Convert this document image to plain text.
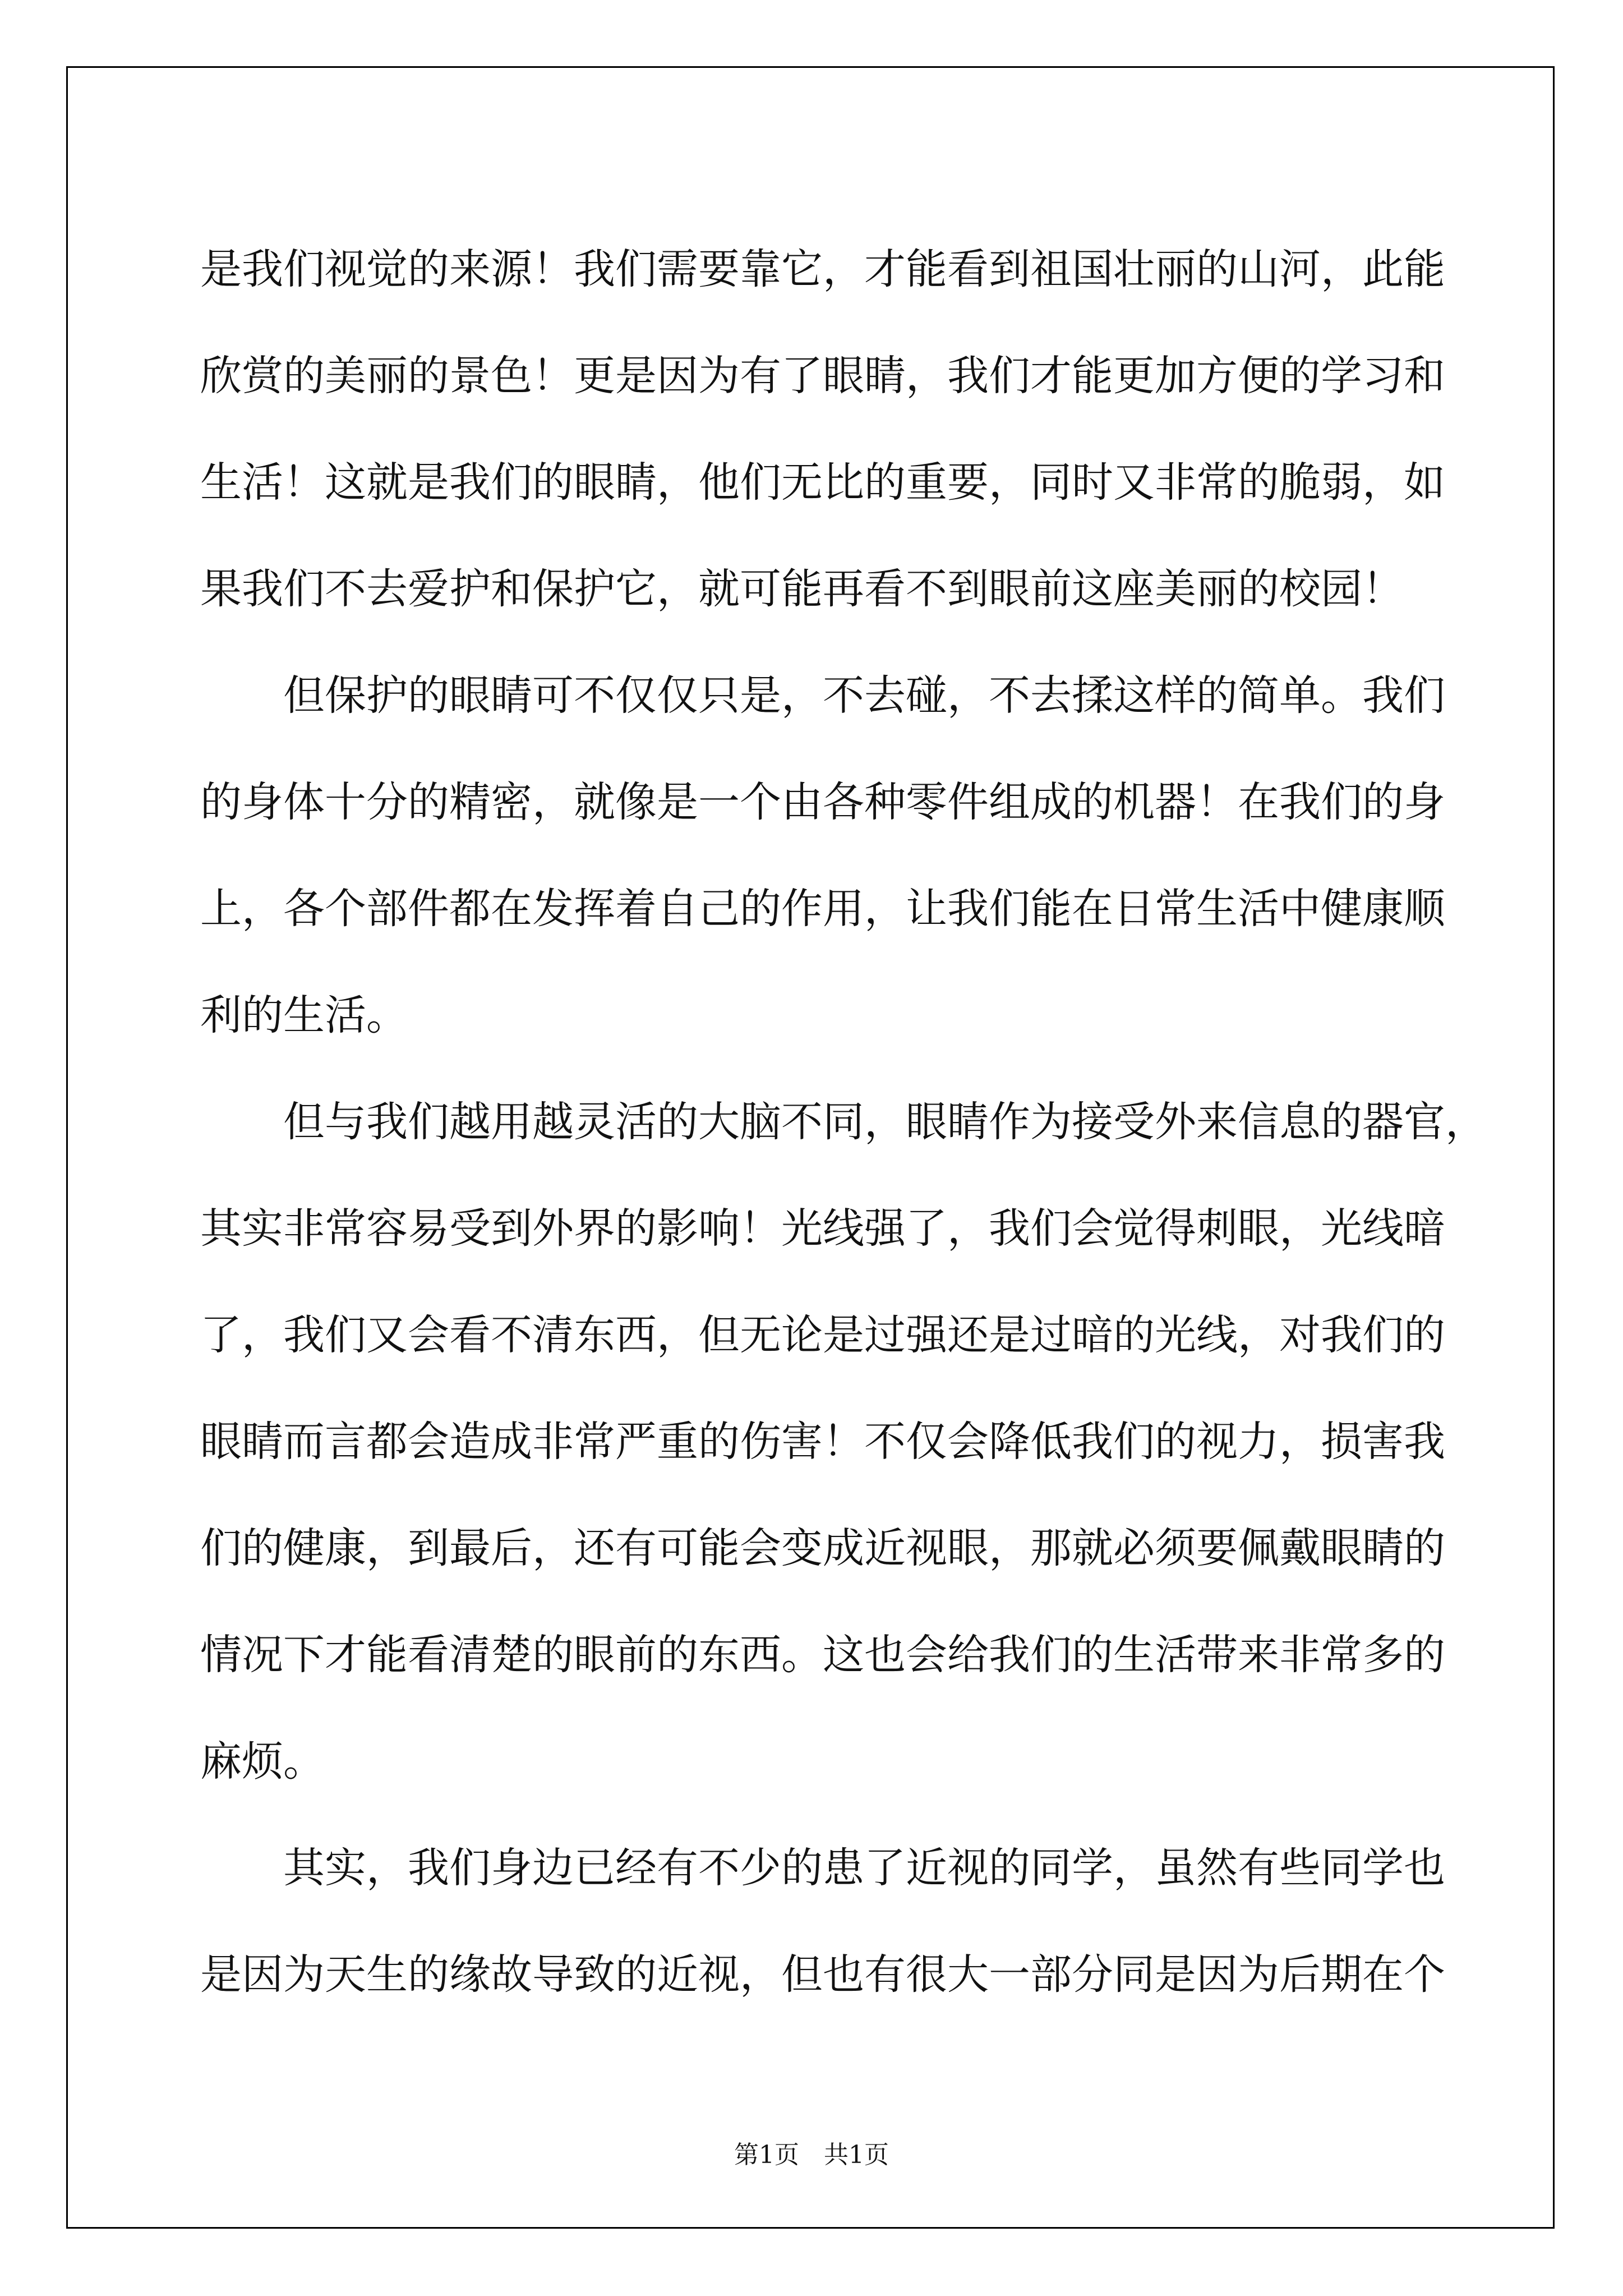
是我们视觉的来源！我们需要靠它，才能看到祖国壮丽的山河，此能
欣赏的美丽的景色！更是因为有了眼睛，我们才能更加方便的学习和
生活！这就是我们的眼睛，他们无比的重要，同时又非常的脆弱，如
果我们不去爱护和保护它，就可能再看不到眼前这座美丽的校园！
但保护的眼睛可不仅仅只是，不去碰，不去揉这样的简单。我们
的身体十分的精密，就像是一个由各种零件组成的机器！在我们的身
上，各个部件都在发挥着自己的作用，让我们能在日常生活中健康顺
利的生活。
但与我们越用越灵活的大脑不同，眼睛作为接受外来信息的器官，
其实非常容易受到外界的影响！光线强了，我们会觉得刺眼，光线暗
了，我们又会看不清东西，但无论是过强还是过暗的光线，对我们的
眼睛而言都会造成非常严重的伤害！不仅会降低我们的视力，损害我
们的健康，到最后，还有可能会变成近视眼，那就必须要佩戴眼睛的
情况下才能看清楚的眼前的东西。这也会给我们的生活带来非常多的
麻烦。
其实，我们身边已经有不少的患了近视的同学，虽然有些同学也
是因为天生的缘故导致的近视，但也有很大一部分同是因为后期在个
第1页　共1页
